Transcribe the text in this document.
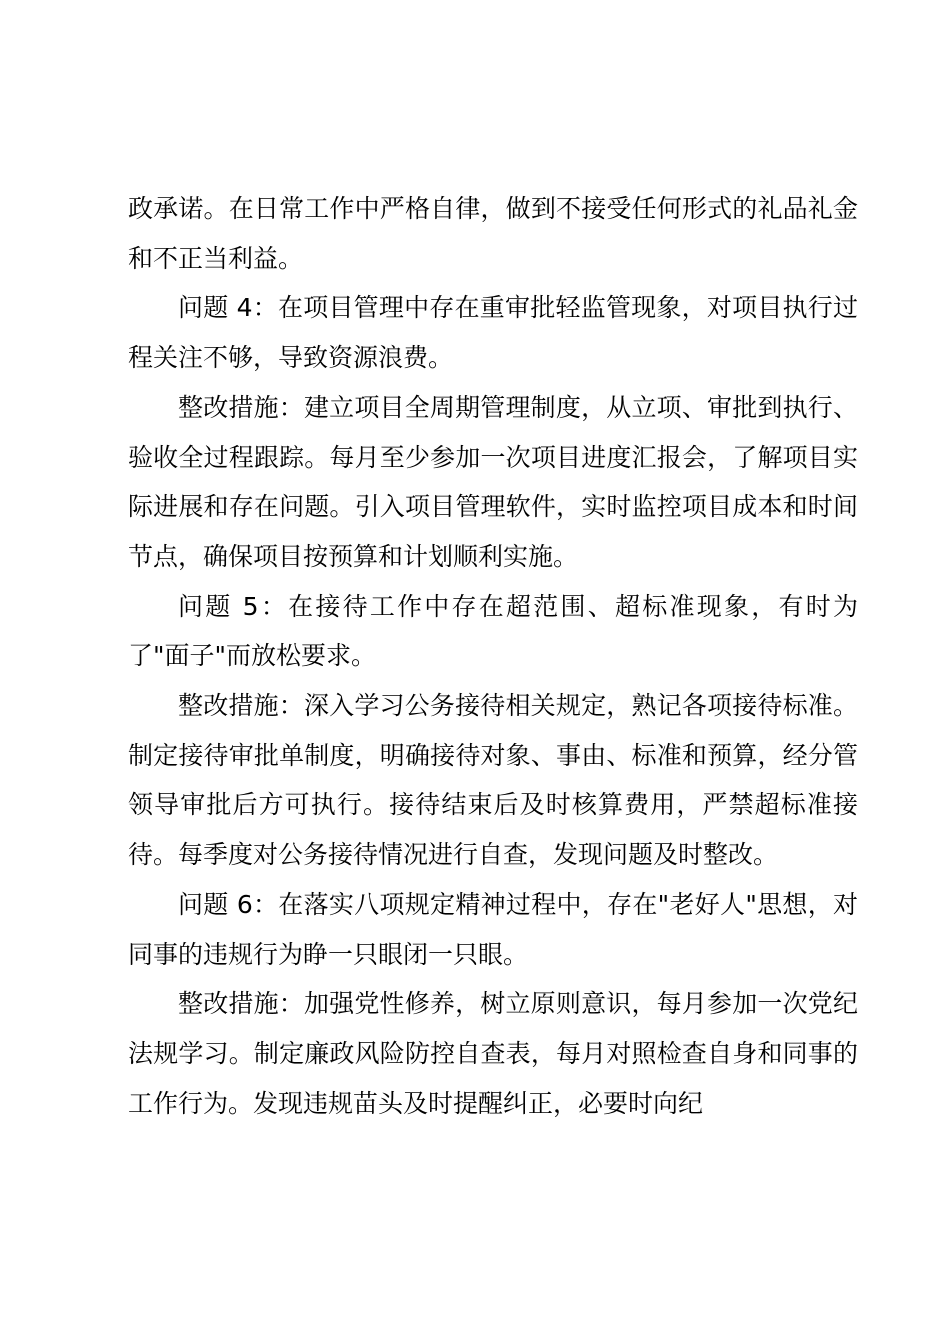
政承诺。在日常工作中严格自律，做到不接受任何形式的礼品礼金和不正当利益。

问题 4：在项目管理中存在重审批轻监管现象，对项目执行过程关注不够，导致资源浪费。

整改措施：建立项目全周期管理制度，从立项、审批到执行、验收全过程跟踪。每月至少参加一次项目进度汇报会，了解项目实际进展和存在问题。引入项目管理软件，实时监控项目成本和时间节点，确保项目按预算和计划顺利实施。

问题 5：在接待工作中存在超范围、超标准现象，有时为了"面子"而放松要求。

整改措施：深入学习公务接待相关规定，熟记各项接待标准。制定接待审批单制度，明确接待对象、事由、标准和预算，经分管领导审批后方可执行。接待结束后及时核算费用，严禁超标准接待。每季度对公务接待情况进行自查，发现问题及时整改。

问题 6：在落实八项规定精神过程中，存在"老好人"思想，对同事的违规行为睁一只眼闭一只眼。

整改措施：加强党性修养，树立原则意识，每月参加一次党纪法规学习。制定廉政风险防控自查表，每月对照检查自身和同事的工作行为。发现违规苗头及时提醒纠正，必要时向纪
